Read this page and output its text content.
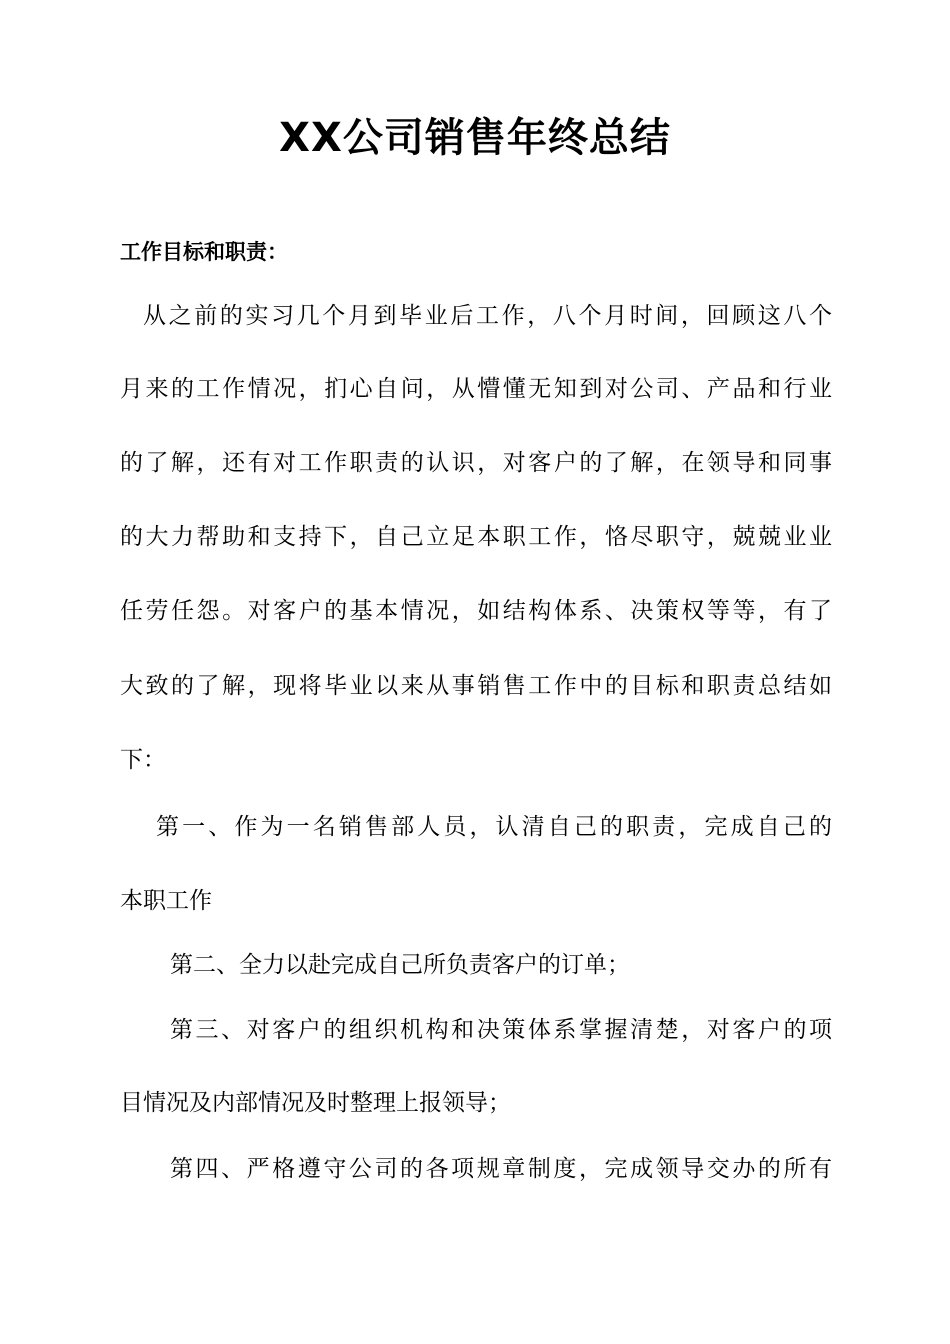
XX公司销售年终总结
工作目标和职责：

从之前的实习几个月到毕业后工作，八个月时间，回顾这八个

月来的工作情况，扪心自问，从懵懂无知到对公司、产品和行业

的了解，还有对工作职责的认识，对客户的了解，在领导和同事

的大力帮助和支持下，自己立足本职工作，恪尽职守，兢兢业业

任劳任怨。对客户的基本情况，如结构体系、决策权等等，有了

大致的了解，现将毕业以来从事销售工作中的目标和职责总结如

下：

第一、作为一名销售部人员，认清自己的职责，完成自己的

本职工作

第二、全力以赴完成自己所负责客户的订单；

第三、对客户的组织机构和决策体系掌握清楚，对客户的项

目情况及内部情况及时整理上报领导；

第四、严格遵守公司的各项规章制度，完成领导交办的所有
